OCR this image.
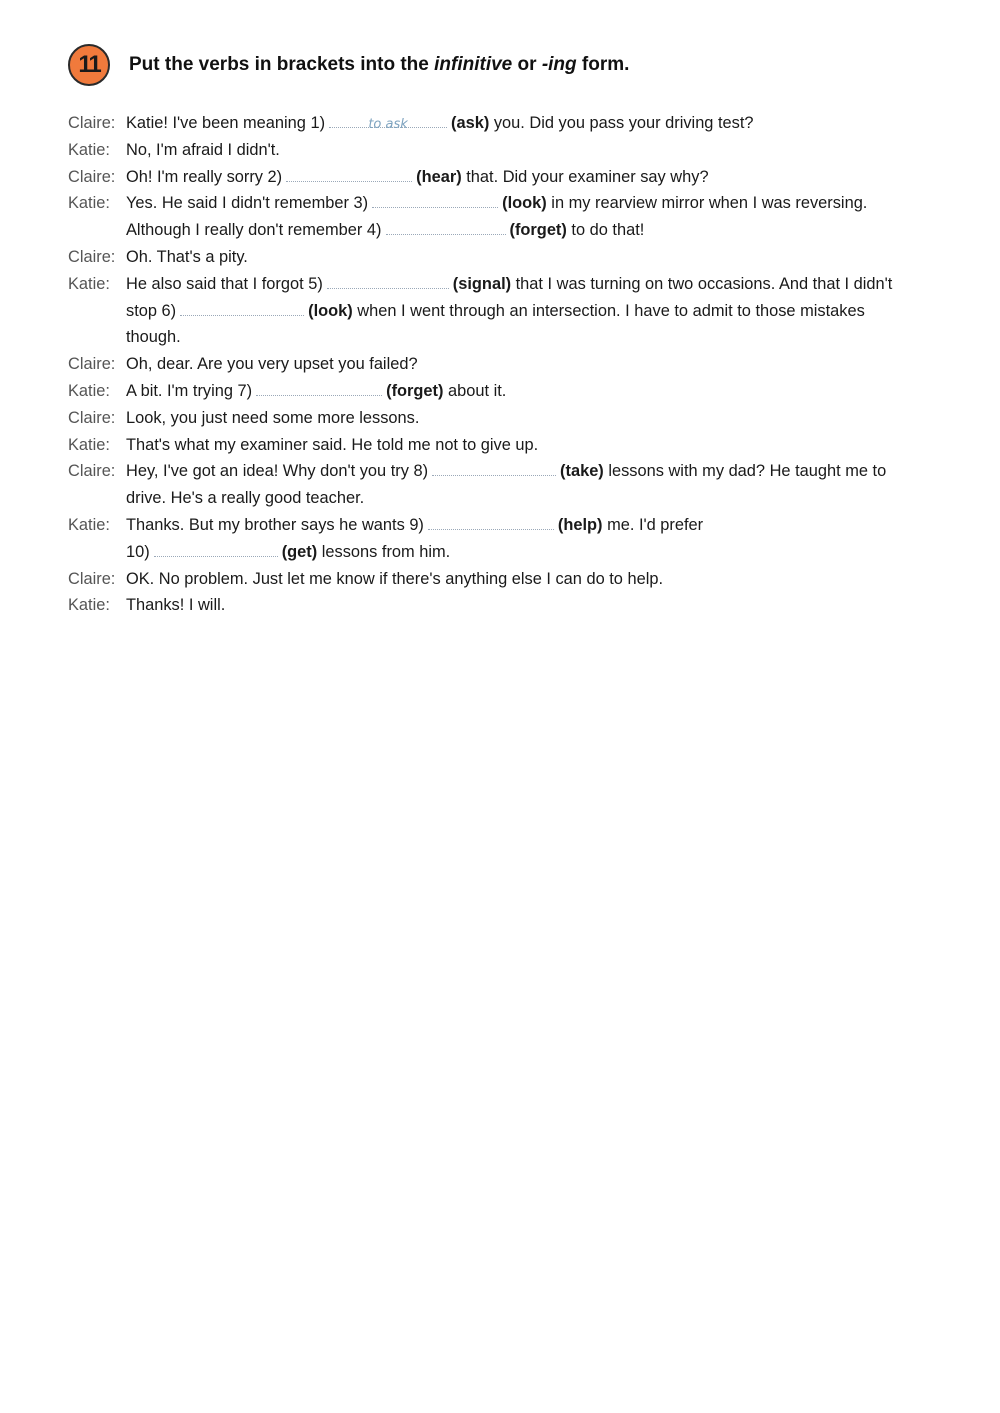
11	Put the verbs in brackets into the infinitive or -ing form.
Claire: Katie! I've been meaning 1)	to ask	(ask) you. Did you pass your driving test?
Katie: No, I'm afraid I didn't.
Claire: Oh! I'm really sorry 2)	(hear) that. Did your examiner say why?
Katie: Yes. He said I didn't remember 3)	(look) in my rearview mirror when I was reversing. Although I really don't remember 4)	(forget) to do that!
Claire: Oh. That's a pity.
Katie: He also said that I forgot 5)	(signal) that I was turning on two occasions. And that I didn't stop 6)	(look) when I went through an intersection. I have to admit to those mistakes though.
Claire: Oh, dear. Are you very upset you failed?
Katie: A bit. I'm trying 7)	(forget) about it.
Claire: Look, you just need some more lessons.
Katie: That's what my examiner said. He told me not to give up.
Claire: Hey, I've got an idea! Why don't you try 8)	(take) lessons with my dad? He taught me to drive. He's a really good teacher.
Katie: Thanks. But my brother says he wants 9)	(help) me. I'd prefer
10)	(get) lessons from him.
Claire: OK. No problem. Just let me know if there's anything else I can do to help.
Katie: Thanks! I will.
